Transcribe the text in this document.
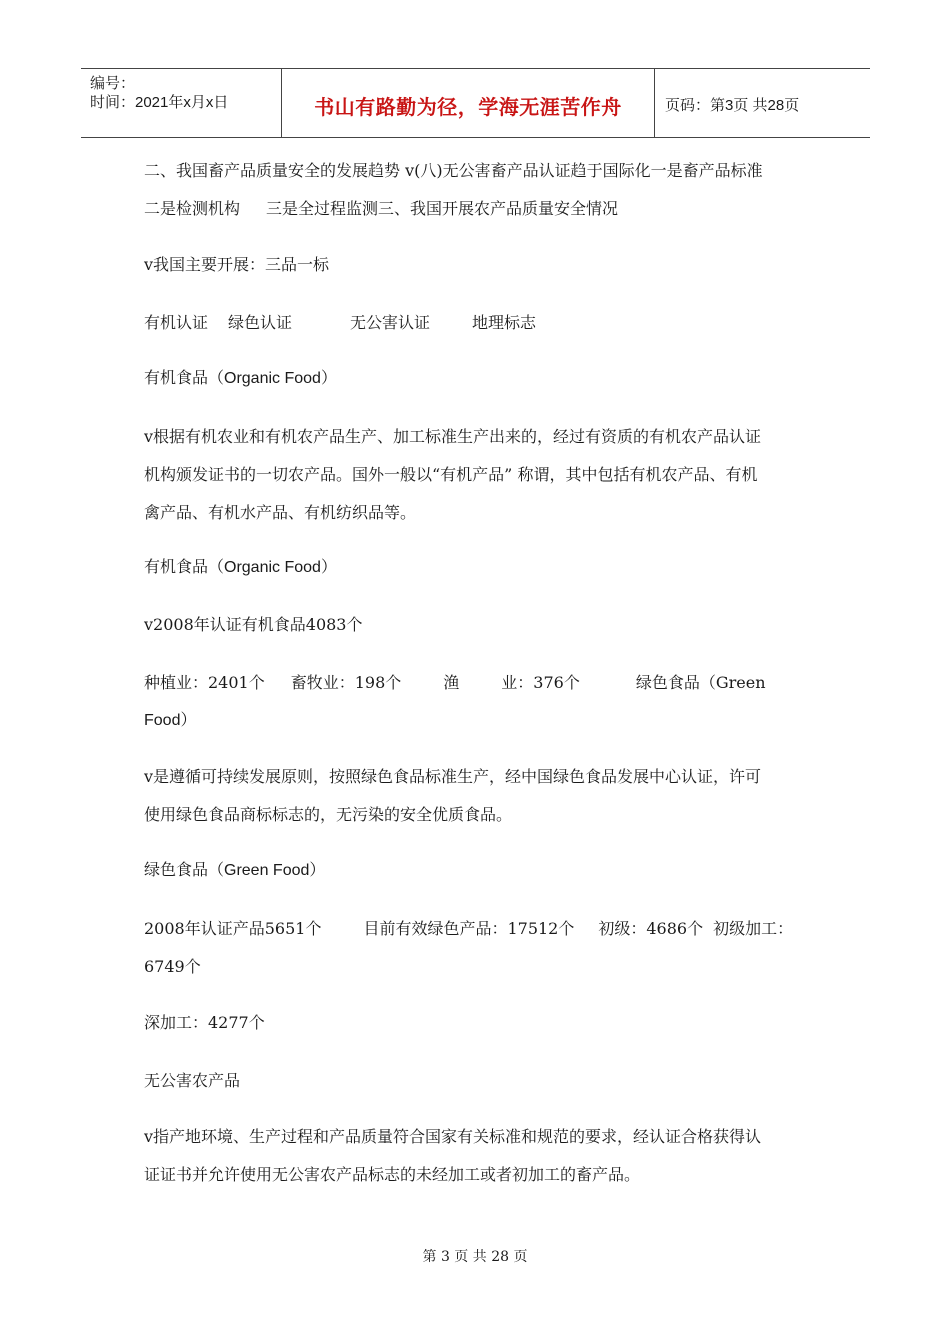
编号：
时间：2021年x月x日	书山有路勤为径，学海无涯苦作舟	页码：第3页 共28页
二、我国畜产品质量安全的发展趋势 v(八)无公害畜产品认证趋于国际化一是畜产品标准
二是检测机构 三是全过程监测三、我国开展农产品质量安全情况
v我国主要开展：三品一标
有机认证 绿色认证	无公害认证	地理标志
有机食品（Organic Food）
v根据有机农业和有机农产品生产、加工标准生产出来的，经过有资质的有机农产品认证
机构颁发证书的一切农产品。国外一般以“有机产品” 称谓，其中包括有机农产品、有机
禽产品、有机水产品、有机纺织品等。
有机食品（Organic Food）
v2008年认证有机食品4083个
种植业：2401个 畜牧业：198个	渔	业：376个	绿色食品（Green
Food）
v是遵循可持续发展原则，按照绿色食品标准生产，经中国绿色食品发展中心认证，许可
使用绿色食品商标标志的，无污染的安全优质食品。
绿色食品（Green Food）
2008年认证产品5651个	目前有效绿色产品：17512个 初级：4686个 初级加工：
6749个
深加工：4277个
无公害农产品
v指产地环境、生产过程和产品质量符合国家有关标准和规范的要求，经认证合格获得认
证证书并允许使用无公害农产品标志的未经加工或者初加工的畜产品。
第 3 页 共 28 页
